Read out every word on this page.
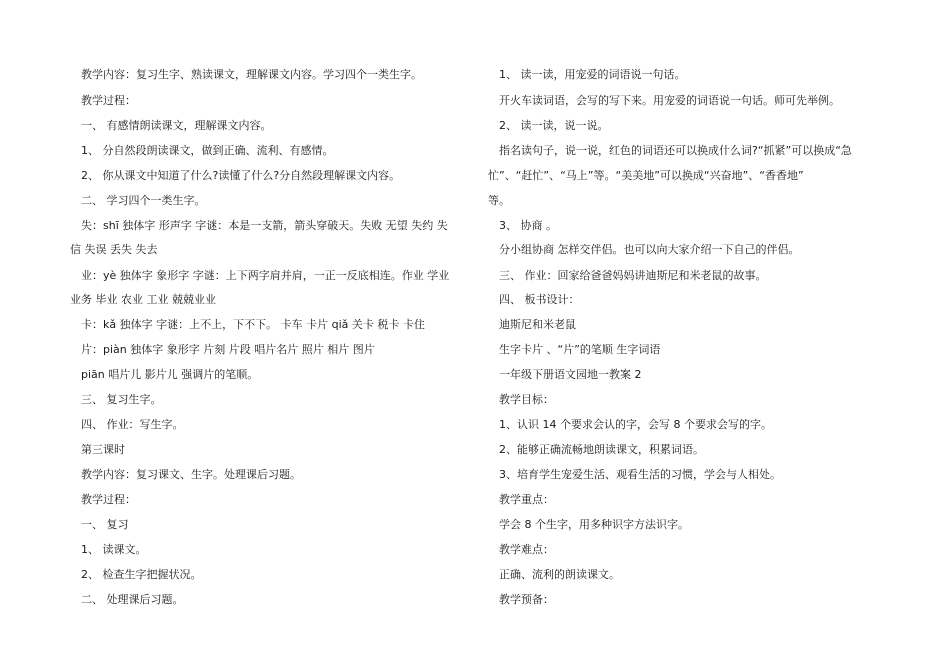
教学内容：复习生字、熟读课文，理解课文内容。学习四个一类生字。
教学过程：
一、 有感情朗读课文，理解课文内容。
1、 分自然段朗读课文，做到正确、流利、有感情。
2、 你从课文中知道了什么?读懂了什么?分自然段理解课文内容。
二、 学习四个一类生字。
失：shī 独体字 形声字 字谜：本是一支箭，箭头穿破天。失败 无望 失约 失
信 失误 丢失 失去
业：yè 独体字 象形字 字谜：上下两字肩并肩，一正一反底相连。作业 学业
业务 毕业 农业 工业 兢兢业业
卡：kǎ 独体字 字谜：上不上，下不下。 卡车 卡片 qiǎ 关卡 税卡 卡住
片：piàn 独体字 象形字 片刻 片段 唱片名片 照片 相片 图片
piān 唱片儿 影片儿 强调片的笔顺。
三、 复习生字。
四、 作业：写生字。
第三课时
教学内容：复习课文、生字。处理课后习题。
教学过程：
一、 复习
1、 读课文。
2、 检查生字把握状况。
二、 处理课后习题。
1、 读一读，用宠爱的词语说一句话。
开火车读词语，会写的写下来。用宠爱的词语说一句话。师可先举例。
2、 读一读，说一说。
指名读句子，说一说，红色的词语还可以换成什么词?“抓紧”可以换成“急
忙”、“赶忙”、“马上”等。“美美地”可以换成“兴奋地”、“香香地”
等。
3、 协商 。
分小组协商 怎样交伴侣。也可以向大家介绍一下自己的伴侣。
三、 作业：回家给爸爸妈妈讲迪斯尼和米老鼠的故事。
四、 板书设计：
迪斯尼和米老鼠
生字卡片 、“片”的笔顺 生字词语
一年级下册语文园地一教案 2
教学目标：
1、认识 14 个要求会认的字，会写 8 个要求会写的字。
2、能够正确流畅地朗读课文，积累词语。
3、培育学生宠爱生活、观看生活的习惯，学会与人相处。
教学重点：
学会 8 个生字，用多种识字方法识字。
教学难点：
正确、流利的朗读课文。
教学预备：
